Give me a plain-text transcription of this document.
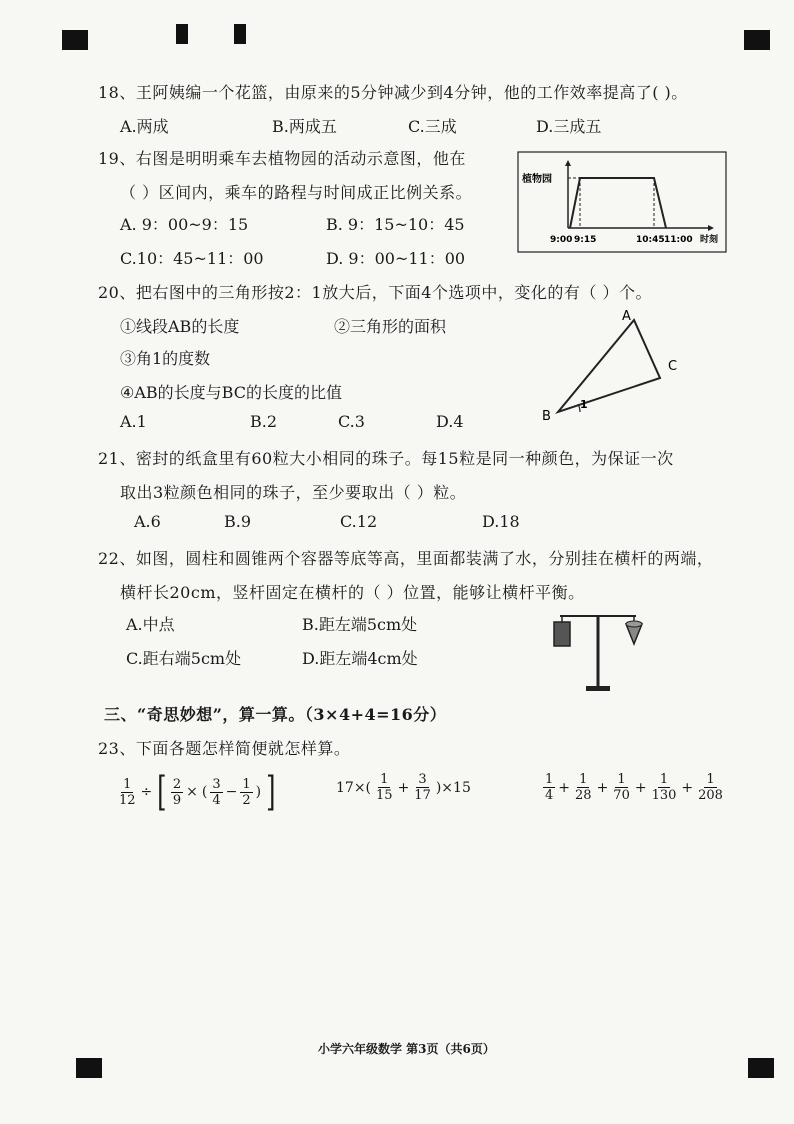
18、王阿姨编一个花篮，由原来的5分钟减少到4分钟，他的工作效率提高了( )。
A.两成	B.两成五	C.三成	D.三成五
19、右图是明明乘车去植物园的活动示意图，他在
（ ）区间内，乘车的路程与时间成正比例关系。
A. 9：00~9：15	B. 9：15~10：45
C.10：45~11：00	D. 9：00~11：00
植物园
9:00 9:15	10:45 11:00 时刻
20、把右图中的三角形按2：1放大后，下面4个选项中，变化的有（ ）个。
①线段AB的长度	②三角形的面积
③角1的度数
④AB的长度与BC的长度的比值
A.1	B.2	C.3	D.4
A
B
C
1
21、密封的纸盒里有60粒大小相同的珠子。每15粒是同一种颜色，为保证一次
取出3粒颜色相同的珠子，至少要取出（ ）粒。
A.6	B.9	C.12	D.18
22、如图，圆柱和圆锥两个容器等底等高，里面都装满了水，分别挂在横杆的两端，
横杆长20cm，竖杆固定在横杆的（ ）位置，能够让横杆平衡。
A.中点	B.距左端5cm处
C.距右端5cm处	D.距左端4cm处
三、“奇思妙想”，算一算。（3×4+4=16分）
23、下面各题怎样简便就怎样算。
$\frac{1}{12}$ ÷ [ $\frac{2}{9}$ × ( $\frac{3}{4} - \frac{1}{2}$ ) ]	$17\times( \frac{1}{15} + \frac{3}{17} )\times 15$	$\frac{1}{4} + \frac{1}{28} + \frac{1}{70} + \frac{1}{130} + \frac{1}{208}$
小学六年级数学 第3页（共6页）
